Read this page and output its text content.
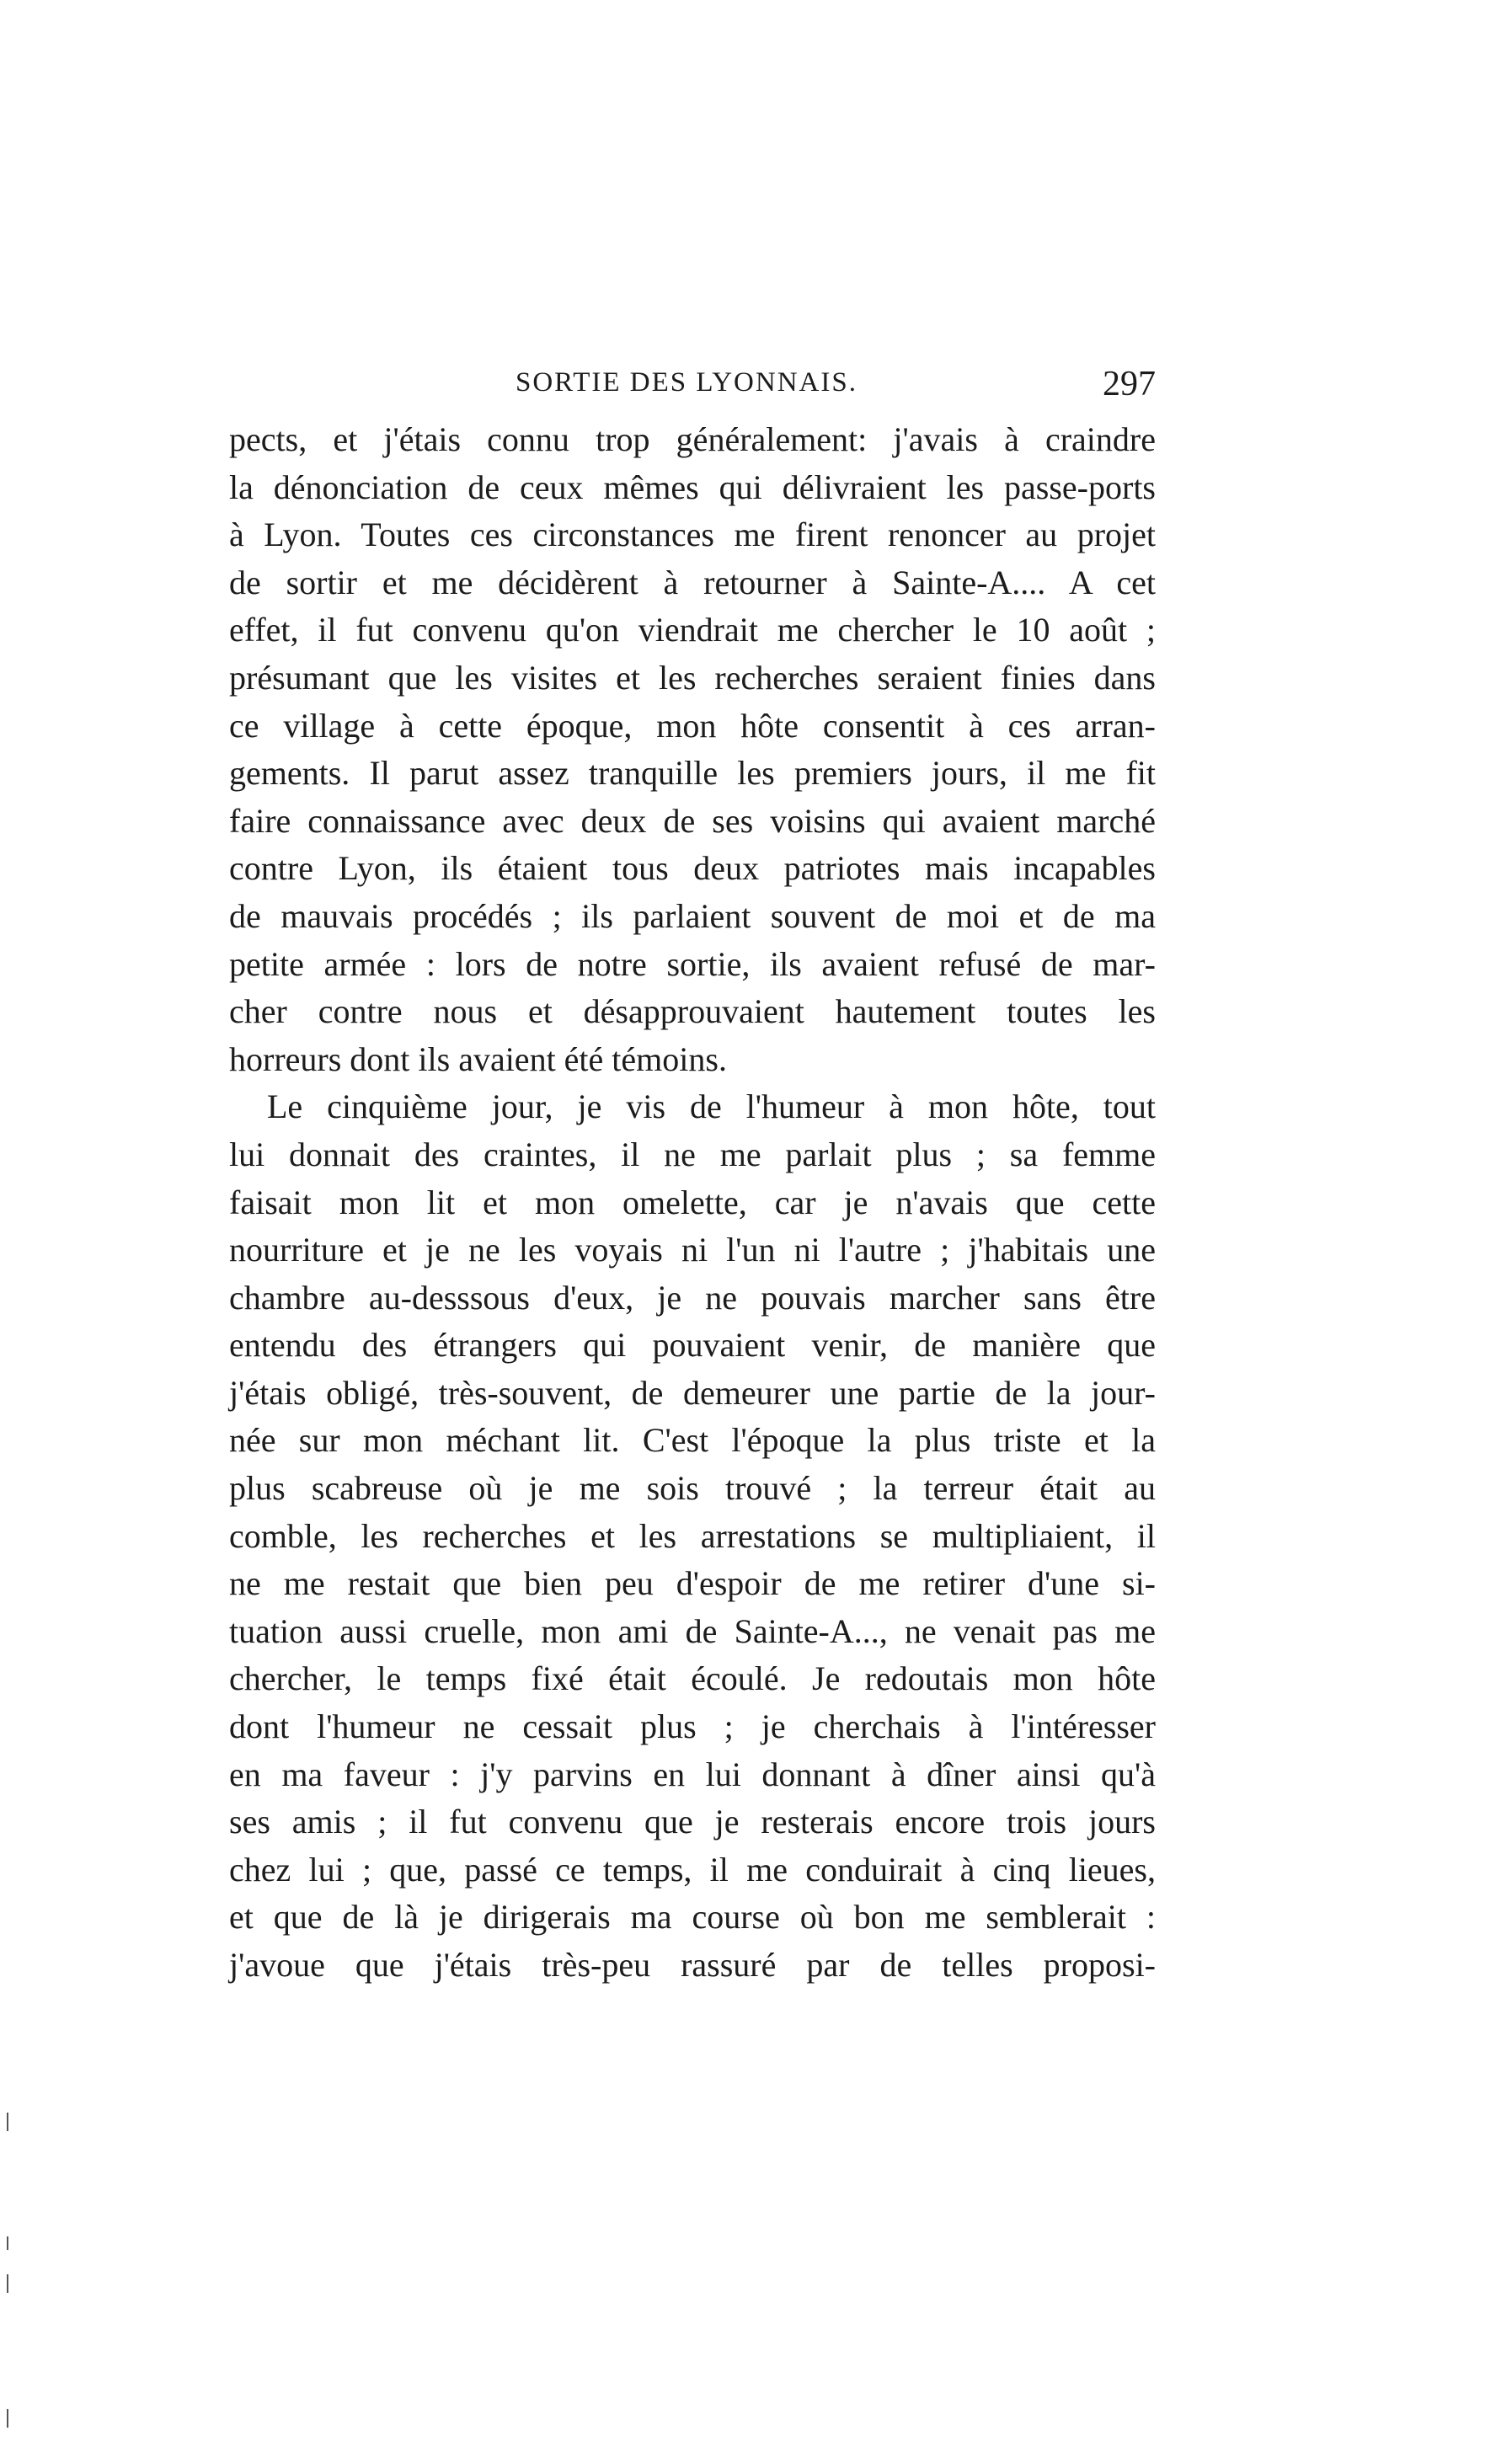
SORTIE DES LYONNAIS.	297
pects, et j'étais connu trop généralement: j'avais à craindre
la dénonciation de ceux mêmes qui délivraient les passe-ports
à Lyon. Toutes ces circonstances me firent renoncer au projet
de sortir et me décidèrent à retourner à Sainte-A.... A cet
effet, il fut convenu qu'on viendrait me chercher le 10 août ;
présumant que les visites et les recherches seraient finies dans
ce village à cette époque, mon hôte consentit à ces arran-
gements. Il parut assez tranquille les premiers jours, il me fit
faire connaissance avec deux de ses voisins qui avaient marché
contre Lyon, ils étaient tous deux patriotes mais incapables
de mauvais procédés ; ils parlaient souvent de moi et de ma
petite armée : lors de notre sortie, ils avaient refusé de mar-
cher contre nous et désapprouvaient hautement toutes les
horreurs dont ils avaient été témoins.
Le cinquième jour, je vis de l'humeur à mon hôte, tout
lui donnait des craintes, il ne me parlait plus ; sa femme
faisait mon lit et mon omelette, car je n'avais que cette
nourriture et je ne les voyais ni l'un ni l'autre ; j'habitais une
chambre au-desssous d'eux, je ne pouvais marcher sans être
entendu des étrangers qui pouvaient venir, de manière que
j'étais obligé, très-souvent, de demeurer une partie de la jour-
née sur mon méchant lit. C'est l'époque la plus triste et la
plus scabreuse où je me sois trouvé ; la terreur était au
comble, les recherches et les arrestations se multipliaient, il
ne me restait que bien peu d'espoir de me retirer d'une si-
tuation aussi cruelle, mon ami de Sainte-A..., ne venait pas me
chercher, le temps fixé était écoulé. Je redoutais mon hôte
dont l'humeur ne cessait plus ; je cherchais à l'intéresser
en ma faveur : j'y parvins en lui donnant à dîner ainsi qu'à
ses amis ; il fut convenu que je resterais encore trois jours
chez lui ; que, passé ce temps, il me conduirait à cinq lieues,
et que de là je dirigerais ma course où bon me semblerait :
j'avoue que j'étais très-peu rassuré par de telles proposi-
